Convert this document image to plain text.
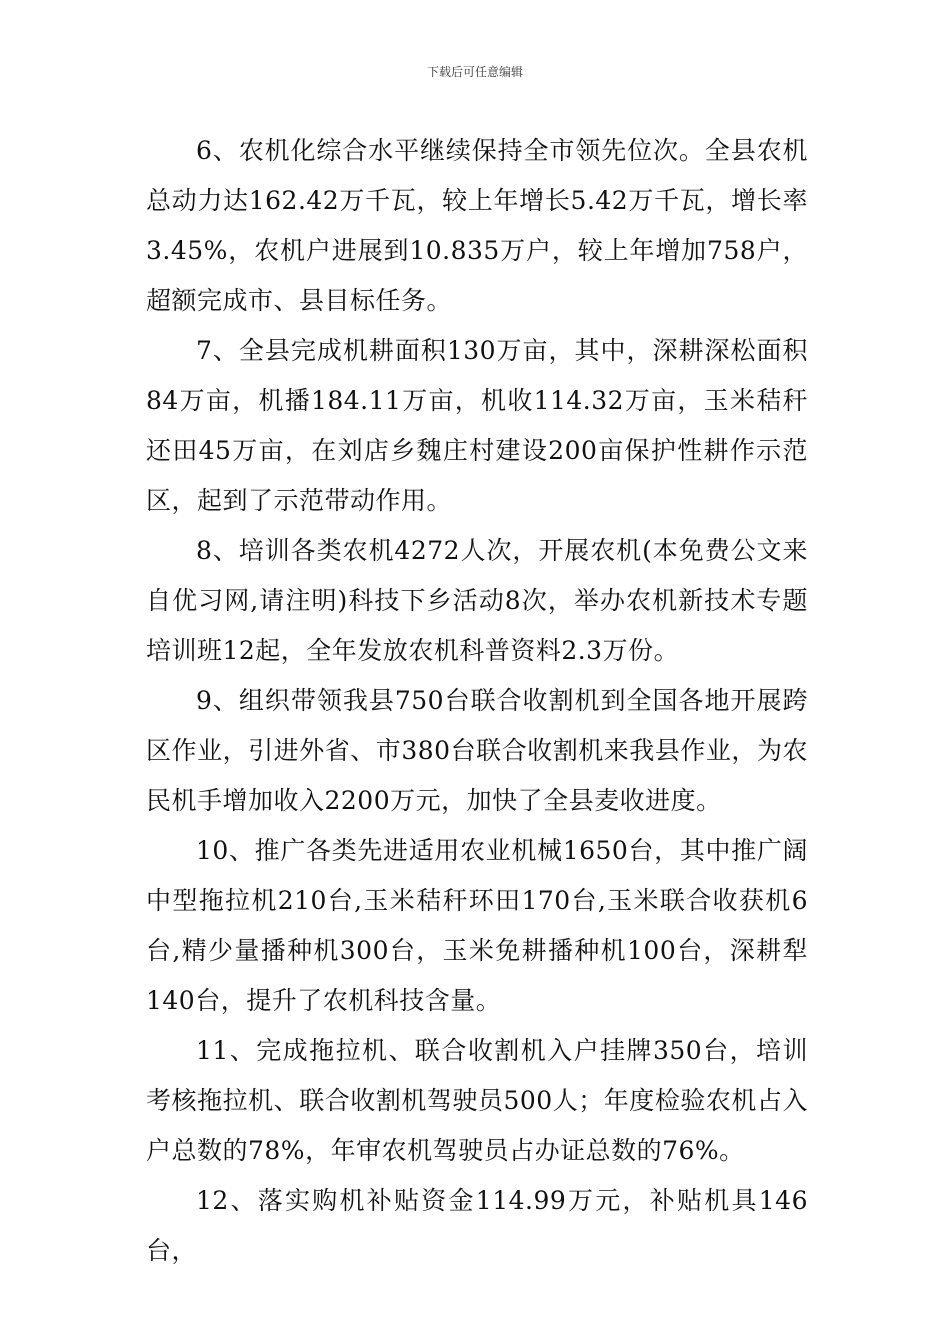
下载后可任意编辑

6、农机化综合水平继续保持全市领先位次。全县农机总动力达162.42万千瓦，较上年增长5.42万千瓦，增长率3.45%，农机户进展到10.835万户，较上年增加758户，超额完成市、县目标任务。

7、全县完成机耕面积130万亩，其中，深耕深松面积84万亩，机播184.11万亩，机收114.32万亩，玉米秸秆还田45万亩，在刘店乡魏庄村建设200亩保护性耕作示范区，起到了示范带动作用。

8、培训各类农机4272人次，开展农机(本免费公文来自优习网,请注明)科技下乡活动8次，举办农机新技术专题培训班12起，全年发放农机科普资料2.3万份。

9、组织带领我县750台联合收割机到全国各地开展跨区作业，引进外省、市380台联合收割机来我县作业，为农民机手增加收入2200万元，加快了全县麦收进度。

10、推广各类先进适用农业机械1650台，其中推广阔中型拖拉机210台,玉米秸秆环田170台,玉米联合收获机6台,精少量播种机300台，玉米免耕播种机100台，深耕犁140台，提升了农机科技含量。

11、完成拖拉机、联合收割机入户挂牌350台，培训考核拖拉机、联合收割机驾驶员500人；年度检验农机占入户总数的78%，年审农机驾驶员占办证总数的76%。

12、落实购机补贴资金114.99万元，补贴机具146台，
